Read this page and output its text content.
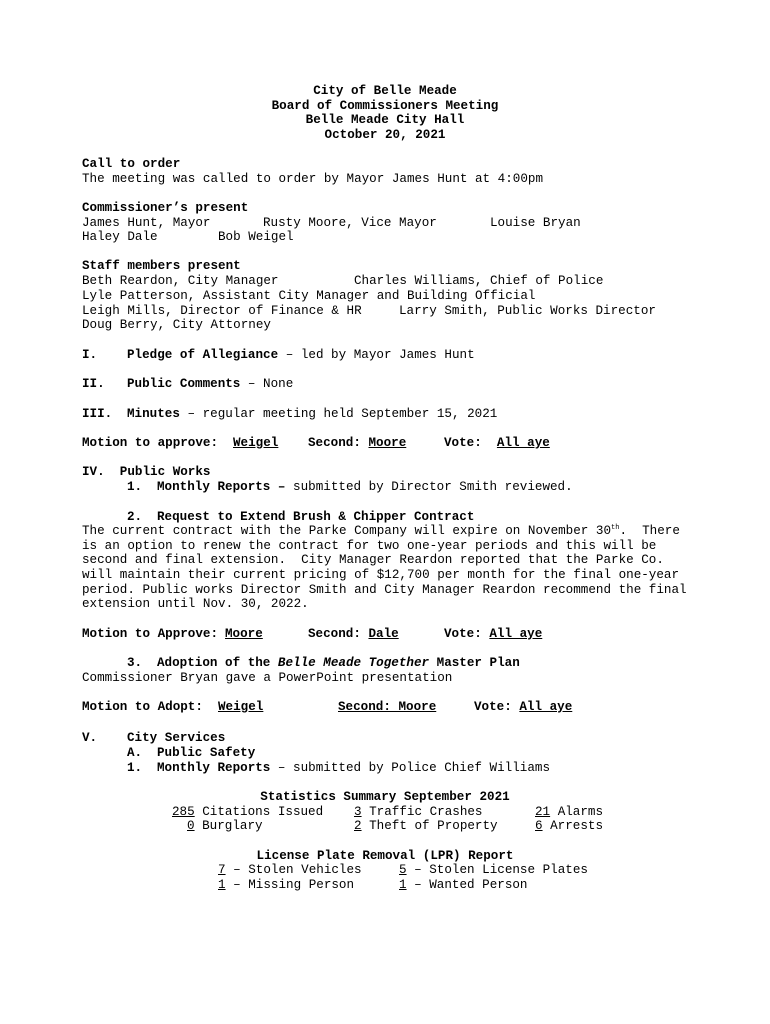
City of Belle Meade
Board of Commissioners Meeting
Belle Meade City Hall
October 20, 2021
Call to order
The meeting was called to order by Mayor James Hunt at 4:00pm
Commissioner’s present
James Hunt, Mayor	Rusty Moore, Vice Mayor	Louise Bryan
Haley Dale	Bob Weigel
Staff members present
Beth Reardon, City Manager	Charles Williams, Chief of Police
Lyle Patterson, Assistant City Manager and Building Official
Leigh Mills, Director of Finance & HR	Larry Smith, Public Works Director
Doug Berry, City Attorney
I. Pledge of Allegiance – led by Mayor James Hunt
II. Public Comments – None
III. Minutes – regular meeting held September 15, 2021
Motion to approve: Weigel Second: Moore	Vote: All aye
IV.  Public Works
1. Monthly Reports – submitted by Director Smith reviewed.
2. Request to Extend Brush & Chipper Contract
The current contract with the Parke Company will expire on November 30th.  There
is an option to renew the contract for two one-year periods and this will be
second and final extension.  City Manager Reardon reported that the Parke Co.
will maintain their current pricing of $12,700 per month for the final one-year
period. Public works Director Smith and City Manager Reardon recommend the final
extension until Nov. 30, 2022.
Motion to Approve: Moore	Second: Dale	Vote: All aye
3. Adoption of the Belle Meade Together Master Plan
Commissioner Bryan gave a PowerPoint presentation
Motion to Adopt: Weigel	Second: Moore	Vote: All aye
V. City Services
A. Public Safety
1. Monthly Reports – submitted by Police Chief Williams
Statistics Summary September 2021
285 Citations Issued 3 Traffic Crashes	21 Alarms
0 Burglary	2 Theft of Property	6 Arrests
License Plate Removal (LPR) Report
7 – Stolen Vehicles	5 – Stolen License Plates
1 – Missing Person	1 – Wanted Person
